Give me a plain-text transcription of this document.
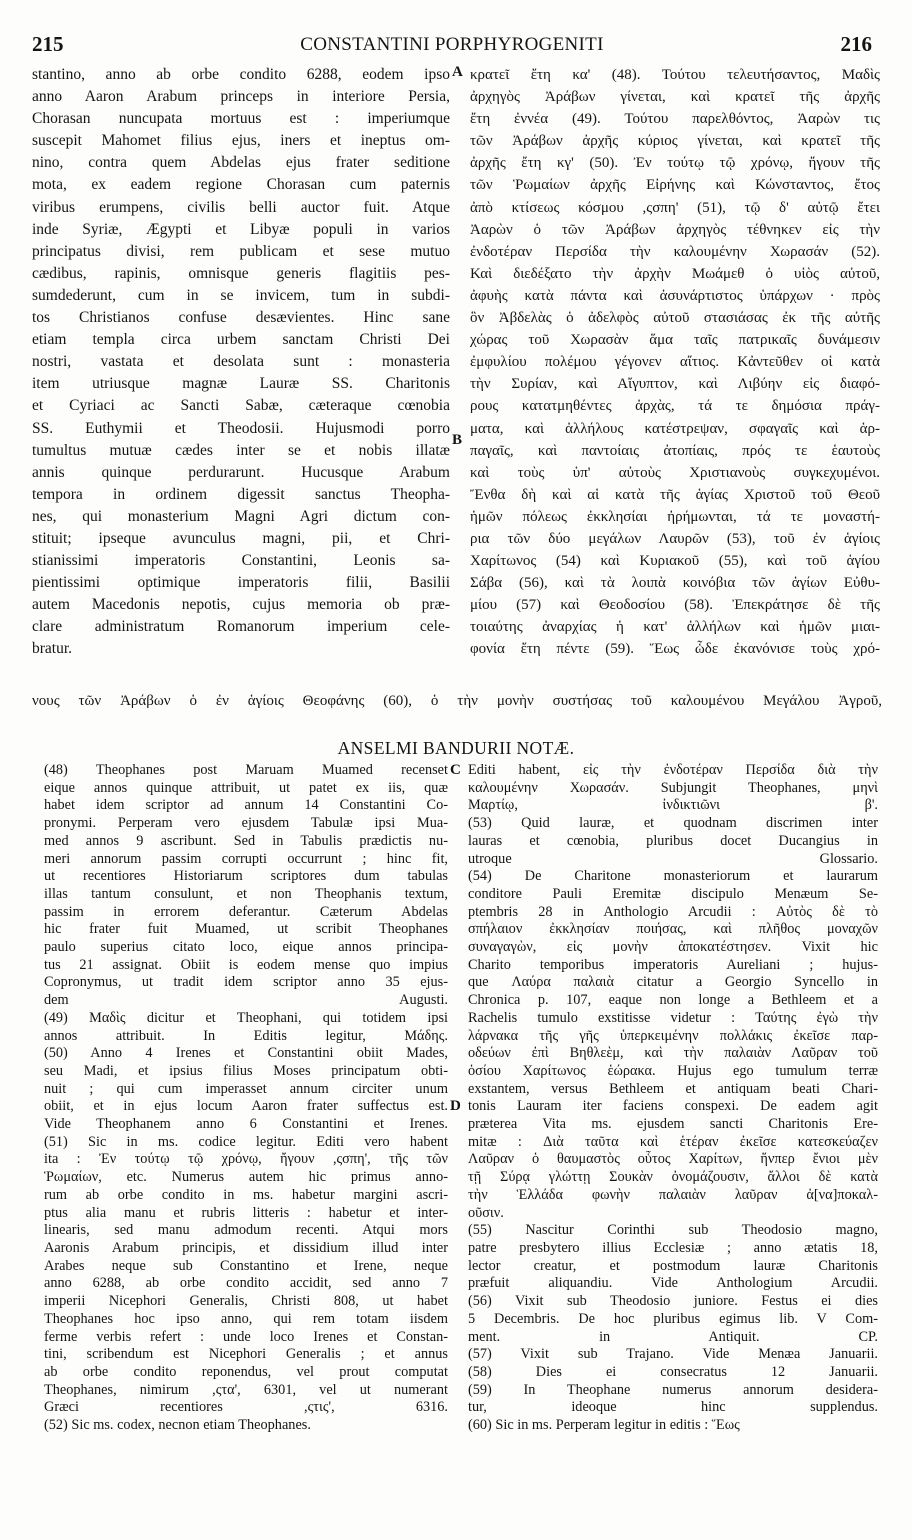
215	CONSTANTINI PORPHYROGENITI	216
stantino, anno ab orbe condito 6288, eodem ipso
anno Aaron Arabum princeps in interiore Persia,
Chorasan nuncupata mortuus est : imperiumque
suscepit Mahomet filius ejus, iners et ineptus om-
nino, contra quem Abdelas ejus frater seditione
mota, ex eadem regione Chorasan cum paternis
viribus erumpens, civilis belli auctor fuit. Atque
inde Syriæ, Ægypti et Libyæ populi in varios
principatus divisi, rem publicam et sese mutuo
cædibus, rapinis, omnisque generis flagitiis pes-
sumdederunt, cum in se invicem, tum in subdi-
tos Christianos confuse desævientes. Hinc sane
etiam templa circa urbem sanctam Christi Dei
nostri, vastata et desolata sunt : monasteria
item utriusque magnæ Lauræ SS. Charitonis
et Cyriaci ac Sancti Sabæ, cæteraque cœnobia
SS. Euthymii et Theodosii. Hujusmodi porro
tumultus mutuæ cædes inter se et nobis illatæ
annis quinque perdurarunt. Hucusque Arabum
tempora in ordinem digessit sanctus Theopha-
nes, qui monasterium Magni Agri dictum con-
stituit; ipseque avunculus magni, pii, et Chri-
stianissimi imperatoris Constantini, Leonis sa-
pientissimi optimique imperatoris filii, Basilii
autem Macedonis nepotis, cujus memoria ob præ-
clare administratum Romanorum imperium cele-
bratur.
κρατεῖ ἔτη κα' (48). Τούτου τελευτήσαντος, Μαδὶς
ἀρχηγὸς Ἀράβων γίνεται, καὶ κρατεῖ τῆς ἀρχῆς
ἔτη ἐννέα (49). Τούτου παρελθόντος, Ἀαρὼν τις
τῶν Ἀράβων ἀρχῆς κύριος γίνεται, καὶ κρατεῖ τῆς
ἀρχῆς ἔτη κγ' (50). Ἐν τούτῳ τῷ χρόνῳ, ἤγουν τῆς
τῶν Ῥωμαίων ἀρχῆς Εἰρήνης καὶ Κώνσταντος, ἔτος
ἀπὸ κτίσεως κόσμου ,ςσπη' (51), τῷ δ' αὐτῷ ἔτει
Ἀαρὼν ὁ τῶν Ἀράβων ἀρχηγὸς τέθνηκεν εἰς τὴν
ἐνδοτέραν Περσίδα τὴν καλουμένην Χωρασάν (52).
Καὶ διεδέξατο τὴν ἀρχὴν Μωάμεθ ὁ υἱὸς αὐτοῦ,
ἀφυὴς κατὰ πάντα καὶ ἀσυνάρτιστος ὑπάρχων · πρὸς
ὃν Ἀβδελὰς ὁ ἀδελφὸς αὐτοῦ στασιάσας ἐκ τῆς αὐτῆς
χώρας τοῦ Χωρασὰν ἅμα ταῖς πατρικαῖς δυνάμεσιν
ἐμφυλίου πολέμου γέγονεν αἴτιος. Κἀντεῦθεν οἱ κατὰ
τὴν Συρίαν, καὶ Αἴγυπτον, καὶ Λιβύην εἰς διαφό-
ρους κατατμηθέντες ἀρχὰς, τά τε δημόσια πράγ-
ματα, καὶ ἀλλήλους κατέστρεψαν, σφαγαῖς καὶ ἁρ-
παγαῖς, καὶ παντοίαις ἀτοπίαις, πρός τε ἑαυτοὺς
καὶ τοὺς ὑπ' αὐτοὺς Χριστιανοὺς συγκεχυμένοι.
Ἔνθα δὴ καὶ αἱ κατὰ τῆς ἁγίας Χριστοῦ τοῦ Θεοῦ
ἡμῶν πόλεως ἐκκλησίαι ἠρήμωνται, τά τε μοναστή-
ρια τῶν δύο μεγάλων Λαυρῶν (53), τοῦ ἐν ἁγίοις
Χαρίτωνος (54) καὶ Κυριακοῦ (55), καὶ τοῦ ἁγίου
Σάβα (56), καὶ τὰ λοιπὰ κοινόβια τῶν ἁγίων Εὐθυ-
μίου (57) καὶ Θεοδοσίου (58). Ἐπεκράτησε δὲ τῆς
τοιαύτης ἀναρχίας ἡ κατ' ἀλλήλων καὶ ἡμῶν μιαι-
φονία ἔτη πέντε (59). Ἕως ὧδε ἐκανόνισε τοὺς χρό-
A
B
C
D
νους τῶν Ἀράβων ὁ ἐν ἁγίοις Θεοφάνης (60), ὁ τὴν μονὴν συστήσας τοῦ καλουμένου Μεγάλου Ἀγροῦ,
ANSELMI BANDURII NOTÆ.
(48) Theophanes post Maruam Muamed recenset
eique annos quinque attribuit, ut patet ex iis, quæ
habet idem scriptor ad annum 14 Constantini Co-
pronymi. Perperam vero ejusdem Tabulæ ipsi Mua-
med annos 9 ascribunt. Sed in Tabulis prædictis nu-
meri annorum passim corrupti occurrunt ; hinc fit,
ut recentiores Historiarum scriptores dum tabulas
illas tantum consulunt, et non Theophanis textum,
passim in errorem deferantur. Cæterum Abdelas
hic frater fuit Muamed, ut scribit Theophanes
paulo superius citato loco, eique annos principa-
tus 21 assignat. Obiit is eodem mense quo impius
Copronymus, ut tradit idem scriptor anno 35 ejus-
dem Augusti.
(49) Μαδὶς dicitur et Theophani, qui totidem ipsi
annos attribuit. In Editis legitur, Μάδης.
(50) Anno 4 Irenes et Constantini obiit Mades,
seu Madi, et ipsius filius Moses principatum obti-
nuit ; qui cum imperasset annum circiter unum
obiit, et in ejus locum Aaron frater suffectus est.
Vide Theophanem anno 6 Constantini et Irenes.
(51) Sic in ms. codice legitur. Editi vero habent
ita : Ἐν τούτῳ τῷ χρόνῳ, ἤγουν ,ςσπη', τῆς τῶν
Ῥωμαίων, etc. Numerus autem hic primus anno-
rum ab orbe condito in ms. habetur margini ascri-
ptus alia manu et rubris litteris : habetur et inter-
linearis, sed manu admodum recenti. Atqui mors
Aaronis Arabum principis, et dissidium illud inter
Arabes neque sub Constantino et Irene, neque
anno 6288, ab orbe condito accidit, sed anno 7
imperii Nicephori Generalis, Christi 808, ut habet
Theophanes hoc ipso anno, qui rem totam iisdem
ferme verbis refert : unde loco Irenes et Constan-
tini, scribendum est Nicephori Generalis ; et annus
ab orbe condito reponendus, vel prout computat
Theophanes, nimirum ,ςτα', 6301, vel ut numerant
Græci recentiores ,ςτις', 6316.
(52) Sic ms. codex, necnon etiam Theophanes.
Editi habent, εἰς τὴν ἐνδοτέραν Περσίδα διὰ τὴν
καλουμένην Χωρασάν. Subjungit Theophanes, μηνὶ
Μαρτίῳ, ἰνδικτιῶνι β'.
(53) Quid lauræ, et quodnam discrimen inter
lauras et cœnobia, pluribus docet Ducangius in
utroque Glossario.
(54) De Charitone monasteriorum et laurarum
conditore Pauli Eremitæ discipulo Menæum Se-
ptembris 28 in Anthologio Arcudii : Αὐτὸς δὲ τὸ
σπήλαιον ἐκκλησίαν ποιήσας, καὶ πλῆθος μοναχῶν
συναγαγὼν, εἰς μονὴν ἀποκατέστησεν. Vixit hic
Charito temporibus imperatoris Aureliani ; hujus-
que Λαύρα παλαιὰ citatur a Georgio Syncello in
Chronica p. 107, eaque non longe a Bethleem et a
Rachelis tumulo exstitisse videtur : Ταύτης ἐγὼ τὴν
λάρνακα τῆς γῆς ὑπερκειμένην πολλάκις ἐκεῖσε παρ-
οδεύων ἐπὶ Βηθλεὲμ, καὶ τὴν παλαιὰν Λαῦραν τοῦ
ὁσίου Χαρίτωνος ἑώρακα. Hujus ego tumulum terræ
exstantem, versus Bethleem et antiquam beati Chari-
tonis Lauram iter faciens conspexi. De eadem agit
præterea Vita ms. ejusdem sancti Charitonis Ere-
mitæ : Διὰ ταῦτα καὶ ἑτέραν ἐκεῖσε κατεσκεύαζεν
Λαῦραν ὁ θαυμαστὸς οὗτος Χαρίτων, ἥνπερ ἔνιοι μὲν
τῇ Σύρᾳ γλώττῃ Σουκὰν ὀνομάζουσιν, ἄλλοι δὲ κατὰ
τὴν Ἑλλάδα φωνὴν παλαιὰν λαῦραν ἀ[να]ποκαλ-
οῦσιν.
(55) Nascitur Corinthi sub Theodosio magno,
patre presbytero illius Ecclesiæ ; anno ætatis 18,
lector creatur, et postmodum lauræ Charitonis
præfuit aliquandiu. Vide Anthologium Arcudii.
(56) Vixit sub Theodosio juniore. Festus ei dies
5 Decembris. De hoc pluribus egimus lib. V Com-
ment. in Antiquit. CP.
(57) Vixit sub Trajano. Vide Menæa Januarii.
(58) Dies ei consecratus 12 Januarii.
(59) In Theophane numerus annorum desidera-
tur, ideoque hinc supplendus.
(60) Sic in ms. Perperam legitur in editis : Ἕως
